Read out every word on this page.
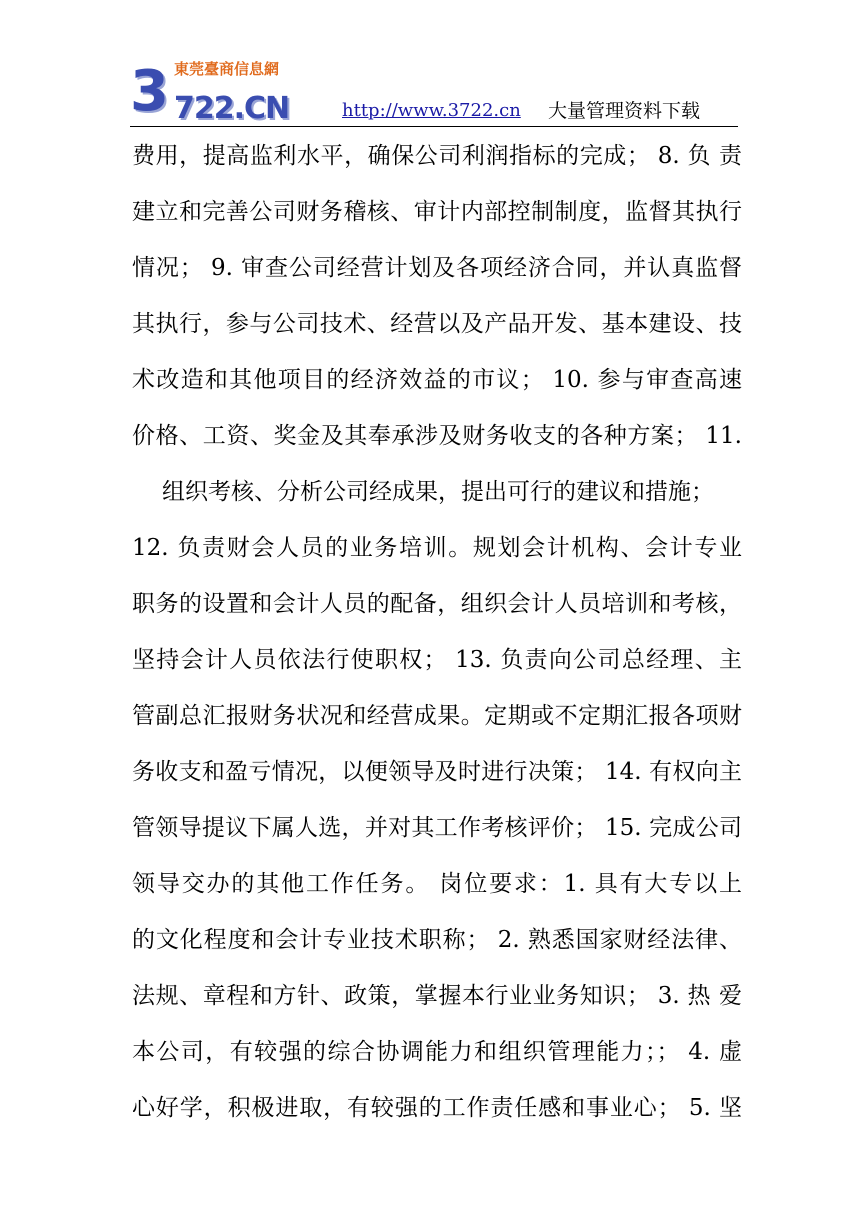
3 722.CN
東莞臺商信息網
http://www.3722.cn 大量管理资料下载
费用，提高监利水平，确保公司利润指标的完成； 8. 负 责
建立和完善公司财务稽核、审计内部控制制度，监督其执行
情况； 9. 审查公司经营计划及各项经济合同，并认真监督
其执行，参与公司技术、经营以及产品开发、基本建设、技
术改造和其他项目的经济效益的市议； 10. 参与审查高速
价格、工资、奖金及其奉承涉及财务收支的各种方案； 11.
组织考核、分析公司经成果，提出可行的建议和措施；
12. 负责财会人员的业务培训。规划会计机构、会计专业
职务的设置和会计人员的配备，组织会计人员培训和考核，
坚持会计人员依法行使职权； 13. 负责向公司总经理、主
管副总汇报财务状况和经营成果。定期或不定期汇报各项财
务收支和盈亏情况，以便领导及时进行决策； 14. 有权向主
管领导提议下属人选，并对其工作考核评价； 15. 完成公司
领导交办的其他工作任务。 岗位要求：1. 具有大专以上
的文化程度和会计专业技术职称； 2. 熟悉国家财经法律、
法规、章程和方针、政策，掌握本行业业务知识； 3. 热 爱
本公司，有较强的综合协调能力和组织管理能力；； 4. 虚
心好学，积极进取，有较强的工作责任感和事业心； 5. 坚
